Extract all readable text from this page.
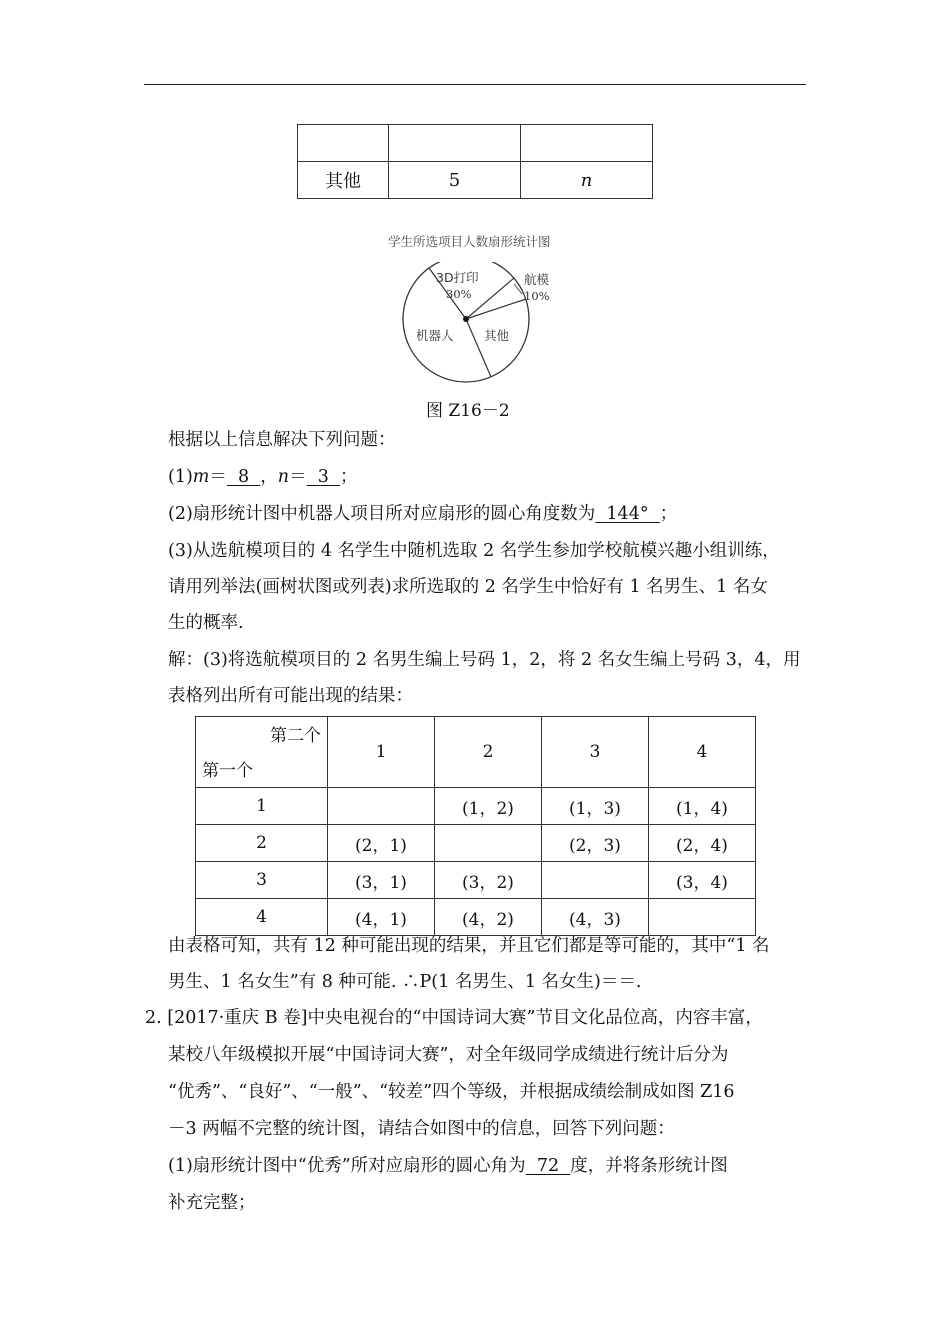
其他	5	n
学生所选项目人数扇形统计图
3D打印
30%
航模
10%
其他
机器人
图 Z16－2
根据以上信息解决下列问题：
(1)m＝  8  ，n＝  3  ；
(2)扇形统计图中机器人项目所对应扇形的圆心角度数为  144°  ；
(3)从选航模项目的 4 名学生中随机选取 2 名学生参加学校航模兴趣小组训练，
请用列举法(画树状图或列表)求所选取的 2 名学生中恰好有 1 名男生、1 名女
生的概率.
解：(3)将选航模项目的 2 名男生编上号码 1，2，将 2 名女生编上号码 3，4，用
表格列出所有可能出现的结果：
第二个
第一个	1	2	3	4
1		(1，2)	(1，3)	(1，4)
2	(2，1)		(2，3)	(2，4)
3	(3，1)	(3，2)		(3，4)
4	(4，1)	(4，2)	(4，3)	
由表格可知，共有 12 种可能出现的结果，并且它们都是等可能的，其中“1 名
男生、1 名女生”有 8 种可能. ∴P(1 名男生、1 名女生)＝＝.
2. [2017·重庆 B 卷]中央电视台的“中国诗词大赛”节目文化品位高，内容丰富，
某校八年级模拟开展“中国诗词大赛”，对全年级同学成绩进行统计后分为
“优秀”、“良好”、“一般”、“较差”四个等级，并根据成绩绘制成如图 Z16
－3 两幅不完整的统计图，请结合如图中的信息，回答下列问题：
(1)扇形统计图中“优秀”所对应扇形的圆心角为  72  度，并将条形统计图
补充完整；
